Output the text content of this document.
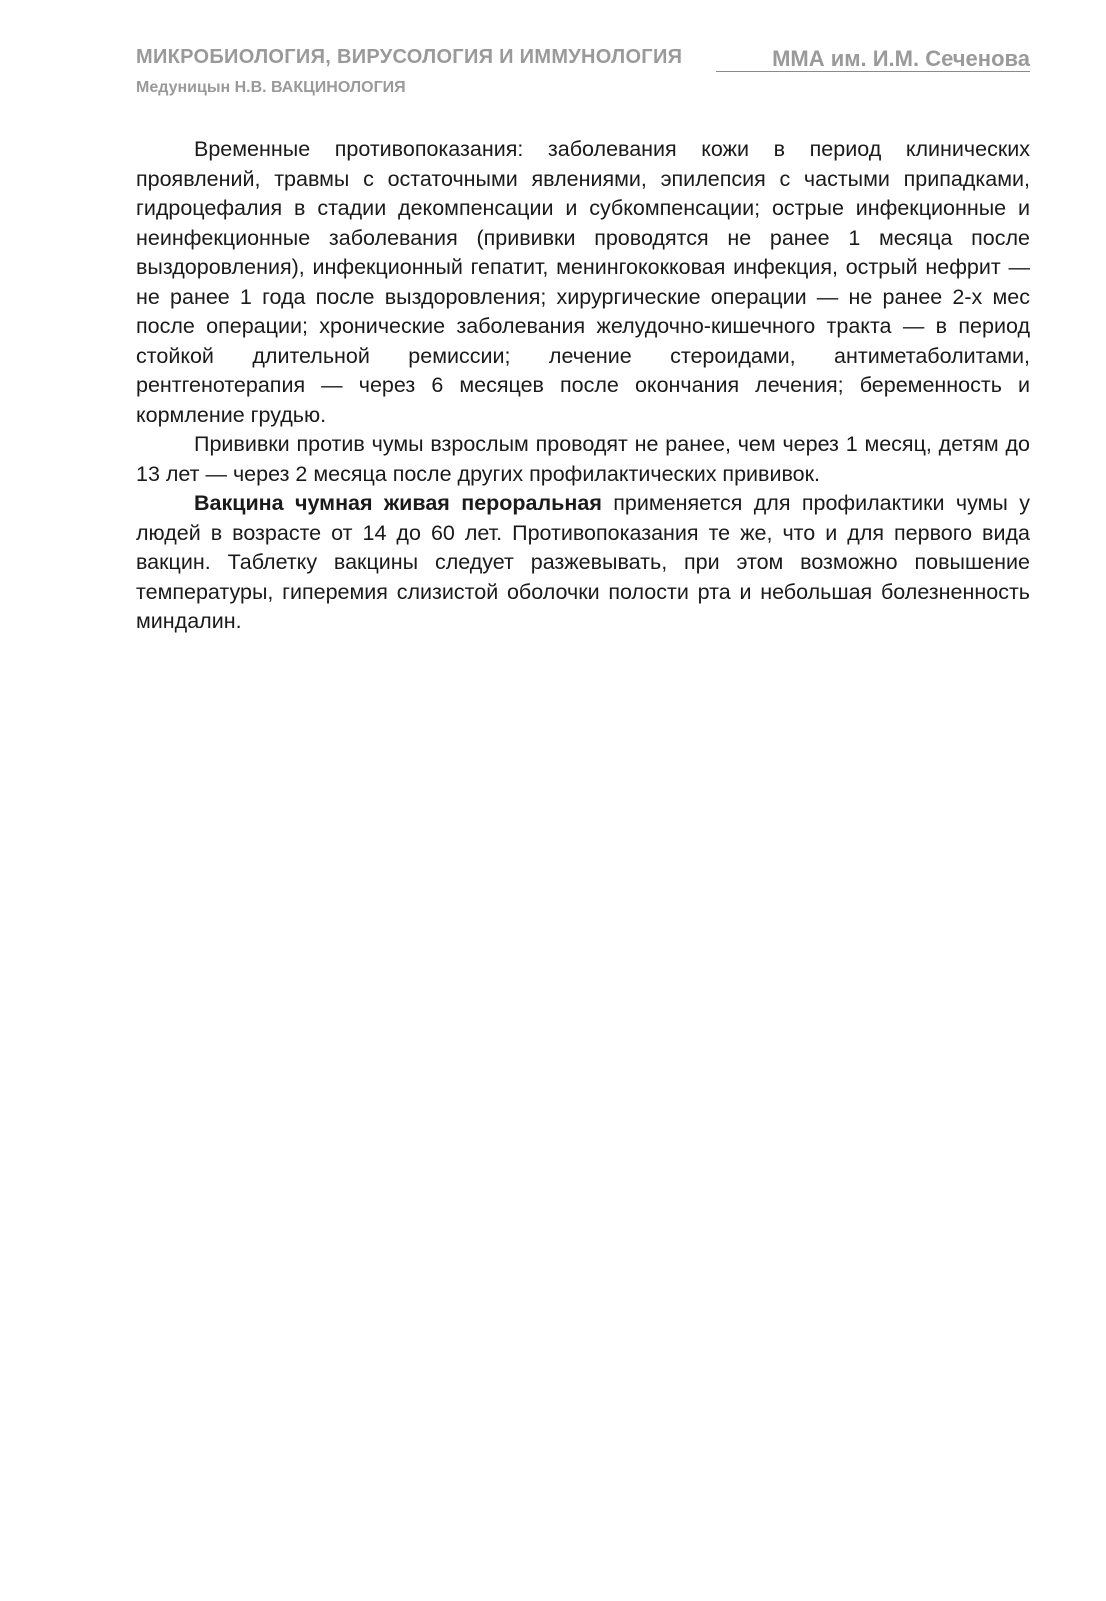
МИКРОБИОЛОГИЯ, ВИРУСОЛОГИЯ И ИММУНОЛОГИЯ	ММА им. И.М. Сеченова
Медуницын Н.В. ВАКЦИНОЛОГИЯ

Временные противопоказания: заболевания кожи в период клинических проявлений, травмы с остаточными явлениями, эпилепсия с частыми припадками, гидроцефалия в стадии декомпенсации и субкомпенсации; острые инфекционные и неинфекционные заболевания (прививки проводятся не ранее 1 месяца после выздоровления), инфекционный гепатит, менингококковая инфекция, острый нефрит — не ранее 1 года после выздоровления; хирургические операции — не ранее 2-х мес после операции; хронические заболевания желудочно-кишечного тракта — в период стойкой длительной ремиссии; лечение стероидами, антиметаболитами, рентгенотерапия — через 6 месяцев после окончания лечения; беременность и кормление грудью.

Прививки против чумы взрослым проводят не ранее, чем через 1 месяц, детям до 13 лет — через 2 месяца после других профилактических прививок.

Вакцина чумная живая пероральная применяется для профилактики чумы у людей в возрасте от 14 до 60 лет. Противопоказания те же, что и для первого вида вакцин. Таблетку вакцины следует разжевывать, при этом возможно повышение температуры, гиперемия слизистой оболочки полости рта и небольшая болезненность миндалин.
